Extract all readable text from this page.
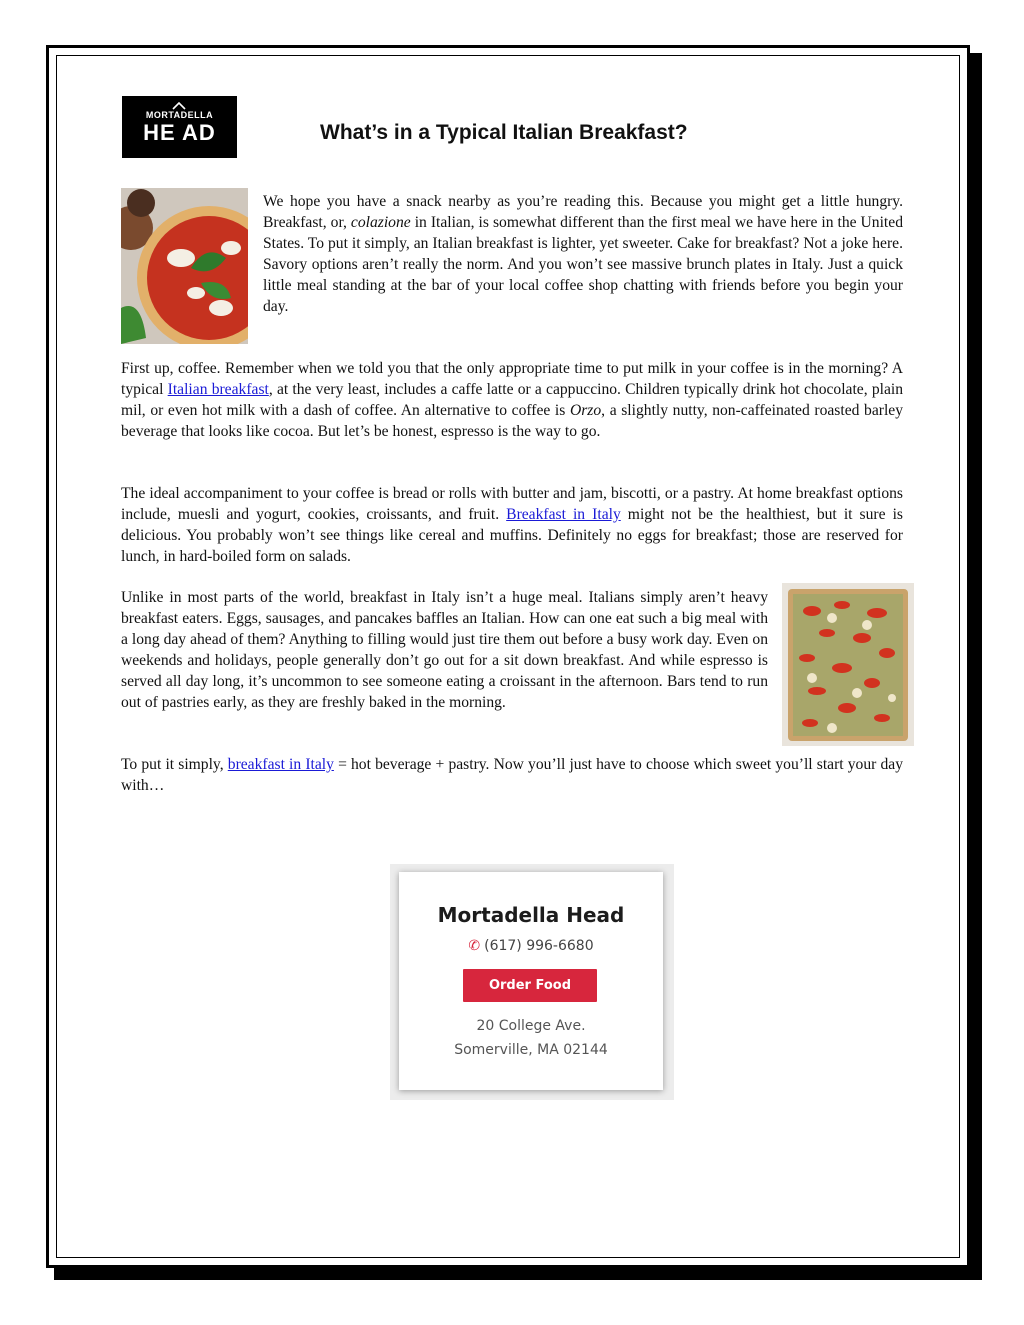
MORTADELLA
HE AD	What’s in a Typical Italian Breakfast?

We hope you have a snack nearby as you’re reading this. Because you might get a little hungry. Breakfast, or, colazione in Italian, is somewhat different than the first meal we have here in the United States. To put it simply, an Italian breakfast is lighter, yet sweeter. Cake for breakfast? Not a joke here. Savory options aren’t really the norm. And you won’t see massive brunch plates in Italy. Just a quick little meal standing at the bar of your local coffee shop chatting with friends before you begin your day.

First up, coffee. Remember when we told you that the only appropriate time to put milk in your coffee is in the morning? A typical Italian breakfast, at the very least, includes a caffe latte or a cappuccino. Children typically drink hot chocolate, plain mil, or even hot milk with a dash of coffee. An alternative to coffee is Orzo, a slightly nutty, non-caffeinated roasted barley beverage that looks like cocoa. But let’s be honest, espresso is the way to go.

The ideal accompaniment to your coffee is bread or rolls with butter and jam, biscotti, or a pastry. At home breakfast options include, muesli and yogurt, cookies, croissants, and fruit. Breakfast in Italy might not be the healthiest, but it sure is delicious. You probably won’t see things like cereal and muffins. Definitely no eggs for breakfast; those are reserved for lunch, in hard-boiled form on salads.

Unlike in most parts of the world, breakfast in Italy isn’t a huge meal. Italians simply aren’t heavy breakfast eaters. Eggs, sausages, and pancakes baffles an Italian. How can one eat such a big meal with a long day ahead of them? Anything to filling would just tire them out before a busy work day. Even on weekends and holidays, people generally don’t go out for a sit down breakfast. And while espresso is served all day long, it’s uncommon to see someone eating a croissant in the afternoon. Bars tend to run out of pastries early, as they are freshly baked in the morning.

To put it simply, breakfast in Italy = hot beverage + pastry. Now you’ll just have to choose which sweet you’ll start your day with…

Mortadella Head
✆ (617) 996-6680
Order Food
20 College Ave.
Somerville, MA 02144
